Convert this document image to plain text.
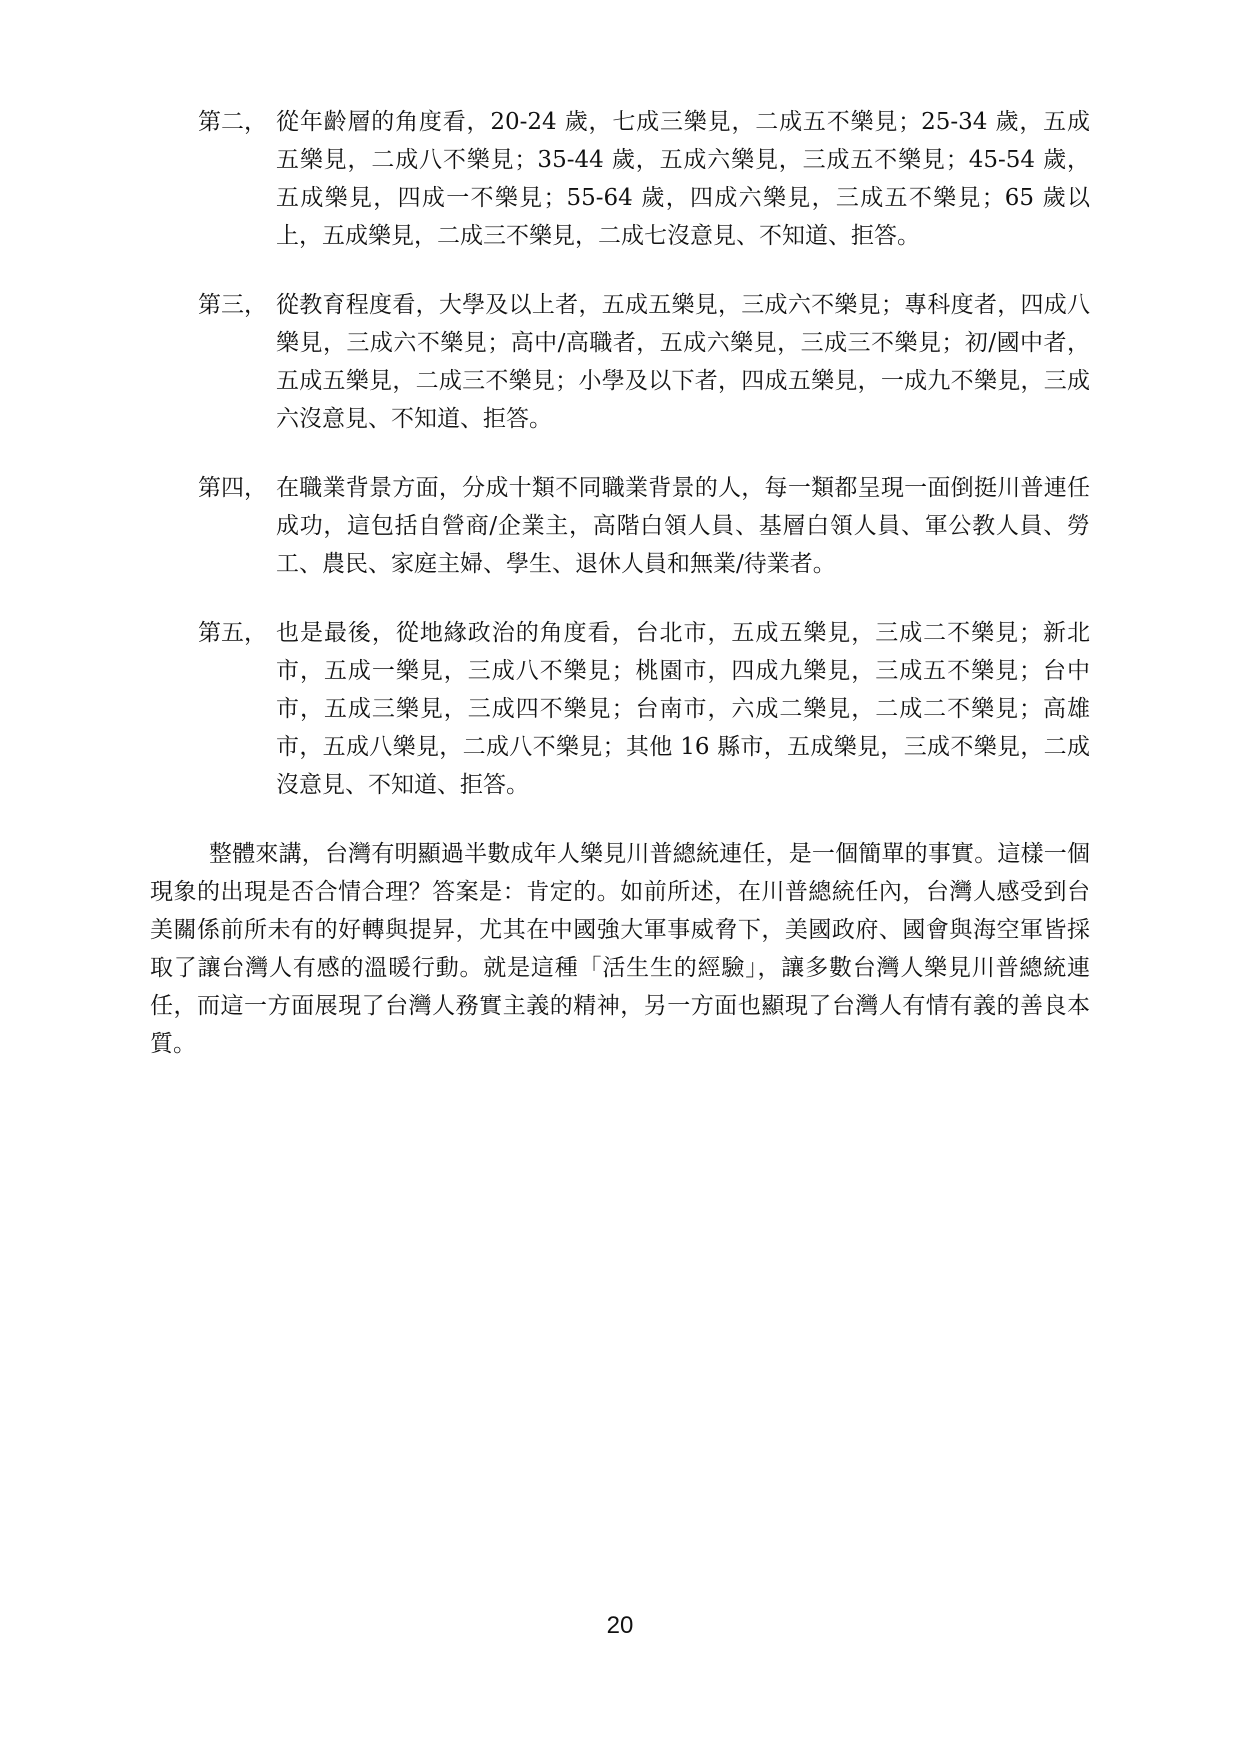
第二， 從年齡層的角度看，20-24 歲，七成三樂見，二成五不樂見；25-34 歲，五成五樂見，二成八不樂見；35-44 歲，五成六樂見，三成五不樂見；45-54 歲，五成樂見，四成一不樂見；55-64 歲，四成六樂見，三成五不樂見；65 歲以上，五成樂見，二成三不樂見，二成七沒意見、不知道、拒答。
第三， 從教育程度看，大學及以上者，五成五樂見，三成六不樂見；專科度者，四成八樂見，三成六不樂見；高中/高職者，五成六樂見，三成三不樂見；初/國中者，五成五樂見，二成三不樂見；小學及以下者，四成五樂見，一成九不樂見，三成六沒意見、不知道、拒答。
第四， 在職業背景方面，分成十類不同職業背景的人，每一類都呈現一面倒挺川普連任成功，這包括自營商/企業主，高階白領人員、基層白領人員、軍公教人員、勞工、農民、家庭主婦、學生、退休人員和無業/待業者。
第五， 也是最後，從地緣政治的角度看，台北市，五成五樂見，三成二不樂見；新北市，五成一樂見，三成八不樂見；桃園市，四成九樂見，三成五不樂見；台中市，五成三樂見，三成四不樂見；台南市，六成二樂見，二成二不樂見；高雄市，五成八樂見，二成八不樂見；其他 16 縣市，五成樂見，三成不樂見，二成沒意見、不知道、拒答。

整體來講，台灣有明顯過半數成年人樂見川普總統連任，是一個簡單的事實。這樣一個現象的出現是否合情合理？答案是：肯定的。如前所述，在川普總統任內，台灣人感受到台美關係前所未有的好轉與提昇，尤其在中國強大軍事威脅下，美國政府、國會與海空軍皆採取了讓台灣人有感的溫暖行動。就是這種「活生生的經驗」，讓多數台灣人樂見川普總統連任，而這一方面展現了台灣人務實主義的精神，另一方面也顯現了台灣人有情有義的善良本質。

20
